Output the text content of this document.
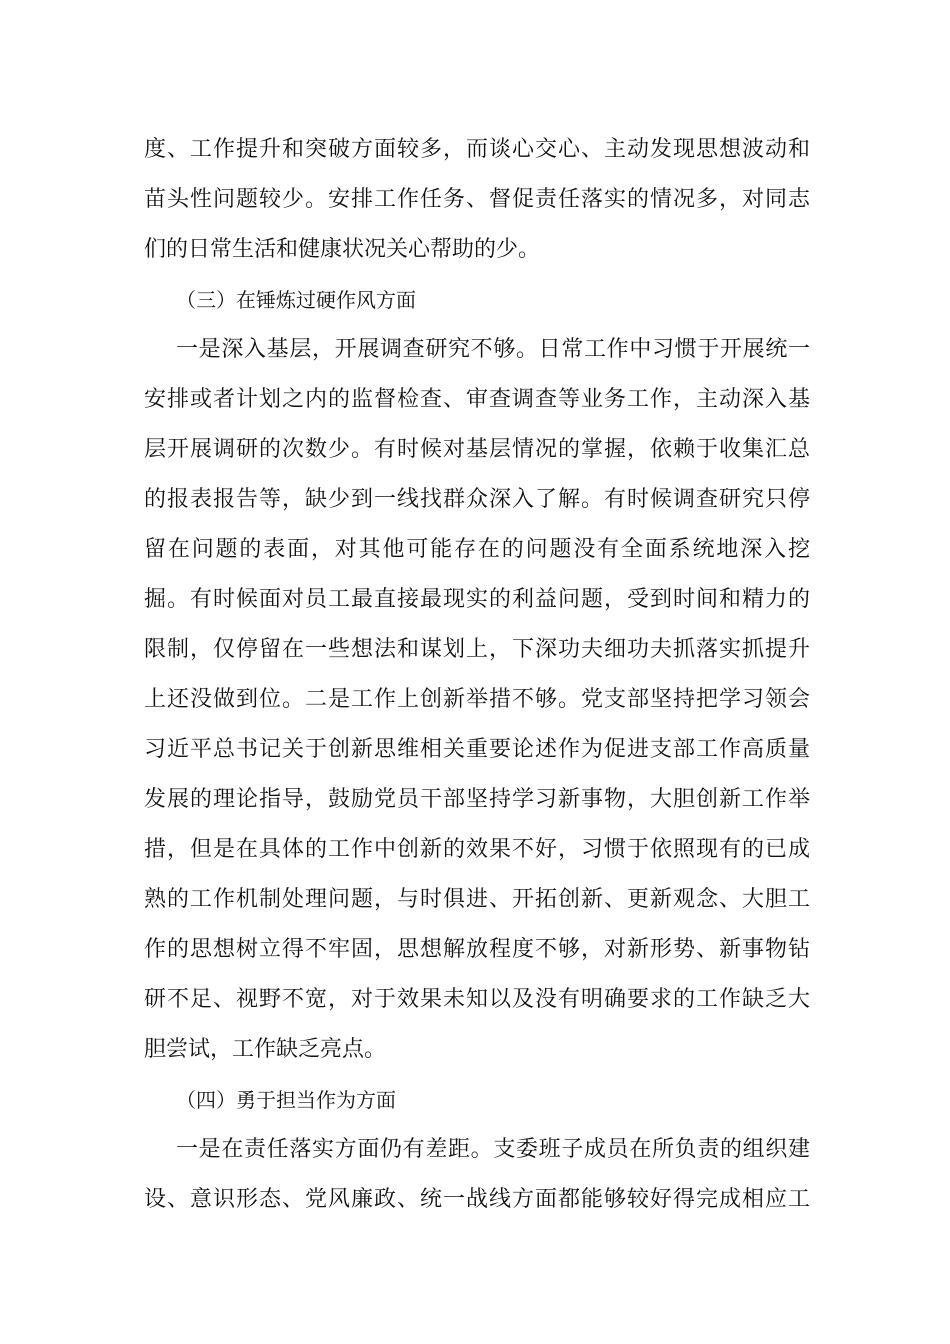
度、工作提升和突破方面较多，而谈心交心、主动发现思想波动和
苗头性问题较少。安排工作任务、督促责任落实的情况多，对同志
们的日常生活和健康状况关心帮助的少。
（三）在锤炼过硬作风方面
一是深入基层，开展调查研究不够。日常工作中习惯于开展统一
安排或者计划之内的监督检查、审查调查等业务工作，主动深入基
层开展调研的次数少。有时候对基层情况的掌握，依赖于收集汇总
的报表报告等，缺少到一线找群众深入了解。有时候调查研究只停
留在问题的表面，对其他可能存在的问题没有全面系统地深入挖
掘。有时候面对员工最直接最现实的利益问题，受到时间和精力的
限制，仅停留在一些想法和谋划上，下深功夫细功夫抓落实抓提升
上还没做到位。二是工作上创新举措不够。党支部坚持把学习领会
习近平总书记关于创新思维相关重要论述作为促进支部工作高质量
发展的理论指导，鼓励党员干部坚持学习新事物，大胆创新工作举
措，但是在具体的工作中创新的效果不好，习惯于依照现有的已成
熟的工作机制处理问题，与时俱进、开拓创新、更新观念、大胆工
作的思想树立得不牢固，思想解放程度不够，对新形势、新事物钻
研不足、视野不宽，对于效果未知以及没有明确要求的工作缺乏大
胆尝试，工作缺乏亮点。
（四）勇于担当作为方面
一是在责任落实方面仍有差距。支委班子成员在所负责的组织建
设、意识形态、党风廉政、统一战线方面都能够较好得完成相应工
